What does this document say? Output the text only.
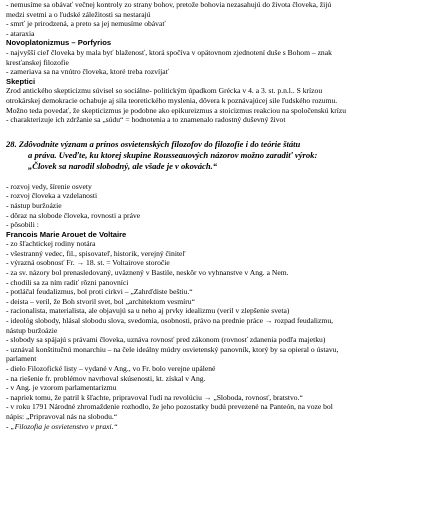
- nemusíme sa obávať večnej kontroly zo strany bohov, pretože bohovia nezasahujú do života človeka, žijú
medzi svetmi a o ľudské záležitosti sa nestarajú
- smrť je prirodzená, a preto sa jej nemusíme obávať
- ataraxia
Novoplatonizmus – Porfyrios
- najvyšší cieľ človeka by mala byť blaženosť, ktorá spočíva v opätovnom zjednotení duše s Bohom – znak
kresťanskej filozofie
- zameriava sa na vnútro človeka, ktoré treba rozvíjať
Skeptici
Zrod antického skepticizmu súvisel so sociálne- politickým úpadkom Grécka v 4. a 3. st. p.n.l.. S krízou
otrokárskej demokracie ochabuje aj sila teoretického myslenia, dôvera k poznávajúcej sile ľudského rozumu.
Možno teda povedať, že skepticizmus je podobne ako epikureizmus a stoicizmus reakciou na spoločenskú krízu
- charakterizuje ich zdržanie sa „súdu“ = hodnotenia a to znamenalo radostný duševný život
28. Zdôvodnite význam a prínos osvietenských filozofov do filozofie i do teórie štátu
a práva. Uveďte, ku ktorej skupine Rousseauových názorov možno zaradiť výrok:
„Človek sa narodil slobodný, ale všade je v okovách.“
- rozvoj vedy, šírenie osvety
- rozvoj človeka a vzdelanosti
- nástup buržoázie
- dôraz na slobode človeka, rovnosti a práve
- pôsobili :
Francois Marie Arouet de Voltaire
- zo šľachtickej rodiny notára
- všestranný vedec, fil., spisovateľ, historik, verejný činiteľ
- výrazná osobnosť Fr. → 18. st. = Voltairove storočie
- za sv. názory bol prenasledovaný, uväznený v Bastile, neskôr vo vyhnanstve v Ang. a Nem.
- chodili sa za ním radiť rôzni panovníci
- potláčal feudalizmus, bol proti cirkvi – „Zahrďdiste beštiu.“
- deista – veril, že Boh stvoril svet, bol „architektom vesmíru“
- racionalista, materialista, ale objavujú sa u neho aj prvky idealizmu (veril v zlepšenie sveta)
- ideológ slobody, hlásal slobodu slova, svedomia, osobnosti, právo na prednie práce → rozpad feudalizmu,
nástup buržoázie
- slobody sa spájajú s právami človeka, uznáva rovnosť pred zákonom (rovnosť zdanenia podľa majetku)
- uznával konštitučnú monarchiu – na čele ideálny múdry osvietenský panovník, ktorý by sa opieral o ústavu,
parlament
- dielo Filozofické listy – vydané v Ang., vo Fr. bolo verejne upálené
- na riešenie fr. problémov navrhoval skúsenosti, kt. získal v Ang.
- v Ang. je vzorom parlamentarizmu
- napriek tomu, že patril k šľachte, pripravoval ľudí na revolúciu → „Sloboda, rovnosť, bratstvo.“
- v roku 1791 Národné zhromaždenie rozhodlo, že jeho pozostatky budú prevezené na Panteón, na voze bol
nápis: „Pripravoval nás na slobodu.“
- „Filozofia je osvietenstvo v praxi.“
